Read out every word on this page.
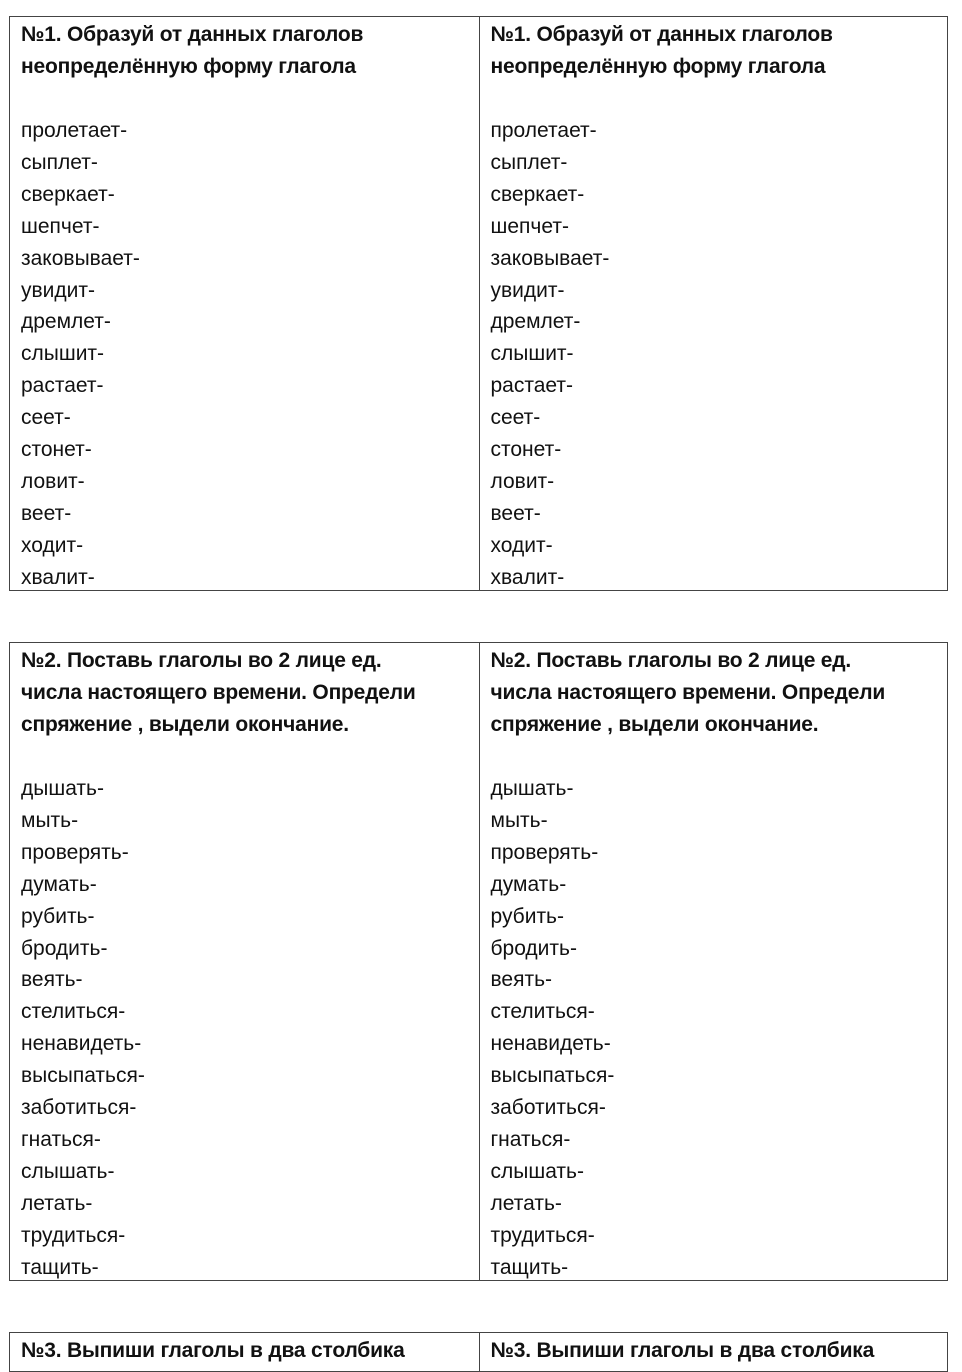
№1. Образуй от данных глаголов
неопределённую форму глагола
пролетает-
сыплет-
сверкает-
шепчет-
заковывает-
увидит-
дремлет-
слышит-
растает-
сеет-
стонет-
ловит-
веет-
ходит-
хвалит-
№1. Образуй от данных глаголов
неопределённую форму глагола
пролетает-
сыплет-
сверкает-
шепчет-
заковывает-
увидит-
дремлет-
слышит-
растает-
сеет-
стонет-
ловит-
веет-
ходит-
хвалит-
№2. Поставь глаголы во 2 лице ед.
числа настоящего времени. Определи
спряжение , выдели окончание.
дышать-
мыть-
проверять-
думать-
рубить-
бродить-
веять-
стелиться-
ненавидеть-
высыпаться-
заботиться-
гнаться-
слышать-
летать-
трудиться-
тащить-
№2. Поставь глаголы во 2 лице ед.
числа настоящего времени. Определи
спряжение , выдели окончание.
дышать-
мыть-
проверять-
думать-
рубить-
бродить-
веять-
стелиться-
ненавидеть-
высыпаться-
заботиться-
гнаться-
слышать-
летать-
трудиться-
тащить-
№3. Выпиши глаголы в два столбика	№3. Выпиши глаголы в два столбика
